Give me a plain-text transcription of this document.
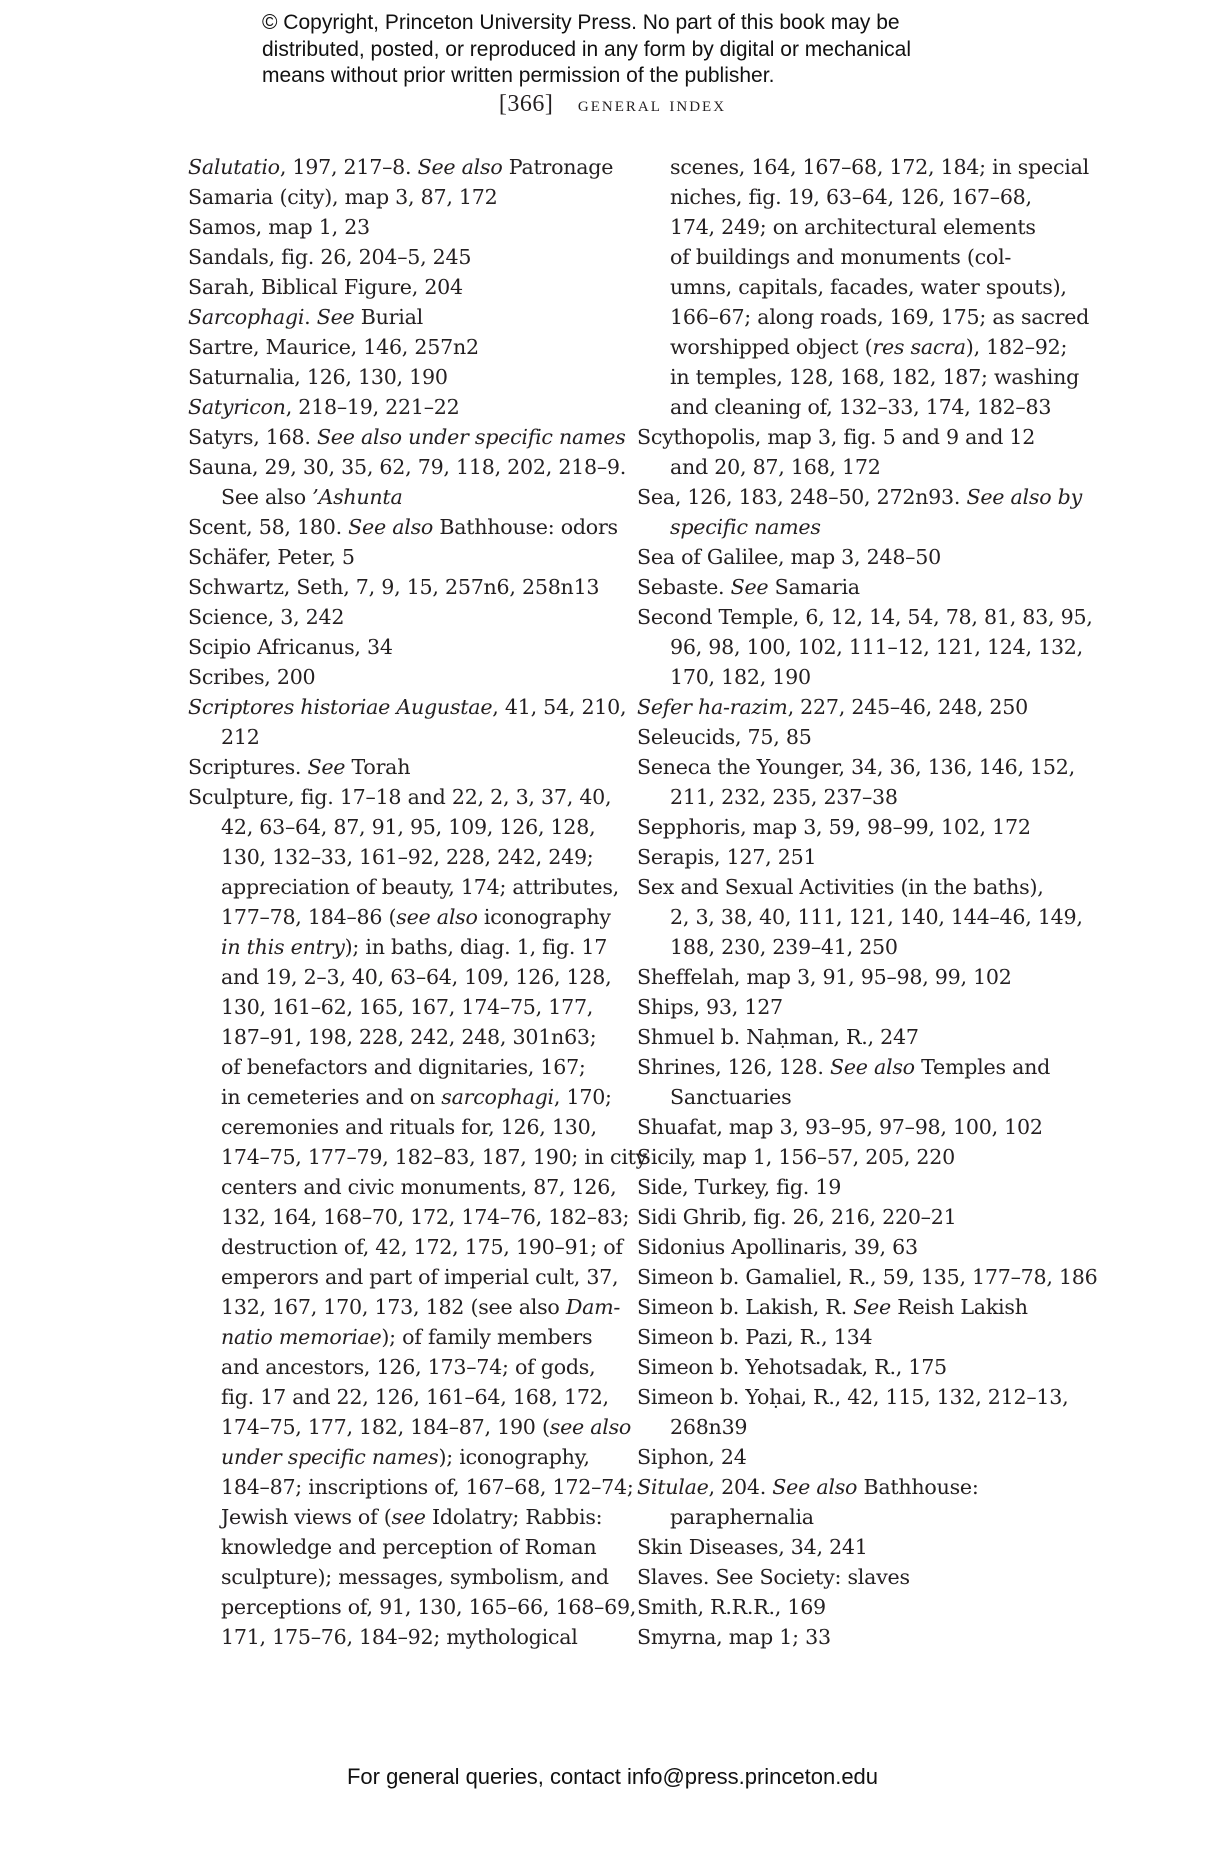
© Copyright, Princeton University Press. No part of this book may be
distributed, posted, or reproduced in any form by digital or mechanical
means without prior written permission of the publisher.
[366] general index
Salutatio, 197, 217–8. See also Patronage
Samaria (city), map 3, 87, 172
Samos, map 1, 23
Sandals, fig. 26, 204–5, 245
Sarah, Biblical Figure, 204
Sarcophagi. See Burial
Sartre, Maurice, 146, 257n2
Saturnalia, 126, 130, 190
Satyricon, 218–19, 221–22
Satyrs, 168. See also under specific names
Sauna, 29, 30, 35, 62, 79, 118, 202, 218–9.
See also ’Ashunta
Scent, 58, 180. See also Bathhouse: odors
Schäfer, Peter, 5
Schwartz, Seth, 7, 9, 15, 257n6, 258n13
Science, 3, 242
Scipio Africanus, 34
Scribes, 200
Scriptores historiae Augustae, 41, 54, 210,
212
Scriptures. See Torah
Sculpture, fig. 17–18 and 22, 2, 3, 37, 40,
42, 63–64, 87, 91, 95, 109, 126, 128,
130, 132–33, 161–92, 228, 242, 249;
appreciation of beauty, 174; attributes,
177–78, 184–86 (see also iconography
in this entry); in baths, diag. 1, fig. 17
and 19, 2–3, 40, 63–64, 109, 126, 128,
130, 161–62, 165, 167, 174–75, 177,
187–91, 198, 228, 242, 248, 301n63;
of benefactors and dignitaries, 167;
in cemeteries and on sarcophagi, 170;
ceremonies and rituals for, 126, 130,
174–75, 177–79, 182–83, 187, 190; in city
centers and civic monuments, 87, 126,
132, 164, 168–70, 172, 174–76, 182–83;
destruction of, 42, 172, 175, 190–91; of
emperors and part of imperial cult, 37,
132, 167, 170, 173, 182 (see also Dam-
natio memoriae); of family members
and ancestors, 126, 173–74; of gods,
fig. 17 and 22, 126, 161–64, 168, 172,
174–75, 177, 182, 184–87, 190 (see also
under specific names); iconography,
184–87; inscriptions of, 167–68, 172–74;
Jewish views of (see Idolatry; Rabbis:
knowledge and perception of Roman
sculpture); messages, symbolism, and
perceptions of, 91, 130, 165–66, 168–69,
171, 175–76, 184–92; mythological
scenes, 164, 167–68, 172, 184; in special
niches, fig. 19, 63–64, 126, 167–68,
174, 249; on architectural elements
of buildings and monuments (col-
umns, capitals, facades, water spouts),
166–67; along roads, 169, 175; as sacred
worshipped object (res sacra), 182–92;
in temples, 128, 168, 182, 187; washing
and cleaning of, 132–33, 174, 182–83
Scythopolis, map 3, fig. 5 and 9 and 12
and 20, 87, 168, 172
Sea, 126, 183, 248–50, 272n93. See also by
specific names
Sea of Galilee, map 3, 248–50
Sebaste. See Samaria
Second Temple, 6, 12, 14, 54, 78, 81, 83, 95,
96, 98, 100, 102, 111–12, 121, 124, 132,
170, 182, 190
Sefer ha-razim, 227, 245–46, 248, 250
Seleucids, 75, 85
Seneca the Younger, 34, 36, 136, 146, 152,
211, 232, 235, 237–38
Sepphoris, map 3, 59, 98–99, 102, 172
Serapis, 127, 251
Sex and Sexual Activities (in the baths),
2, 3, 38, 40, 111, 121, 140, 144–46, 149,
188, 230, 239–41, 250
Sheffelah, map 3, 91, 95–98, 99, 102
Ships, 93, 127
Shmuel b. Naḥman, R., 247
Shrines, 126, 128. See also Temples and
Sanctuaries
Shuafat, map 3, 93–95, 97–98, 100, 102
Sicily, map 1, 156–57, 205, 220
Side, Turkey, fig. 19
Sidi Ghrib, fig. 26, 216, 220–21
Sidonius Apollinaris, 39, 63
Simeon b. Gamaliel, R., 59, 135, 177–78, 186
Simeon b. Lakish, R. See Reish Lakish
Simeon b. Pazi, R., 134
Simeon b. Yehotsadak, R., 175
Simeon b. Yoḥai, R., 42, 115, 132, 212–13,
268n39
Siphon, 24
Situlae, 204. See also Bathhouse:
paraphernalia
Skin Diseases, 34, 241
Slaves. See Society: slaves
Smith, R.R.R., 169
Smyrna, map 1; 33
For general queries, contact info@press.princeton.edu
